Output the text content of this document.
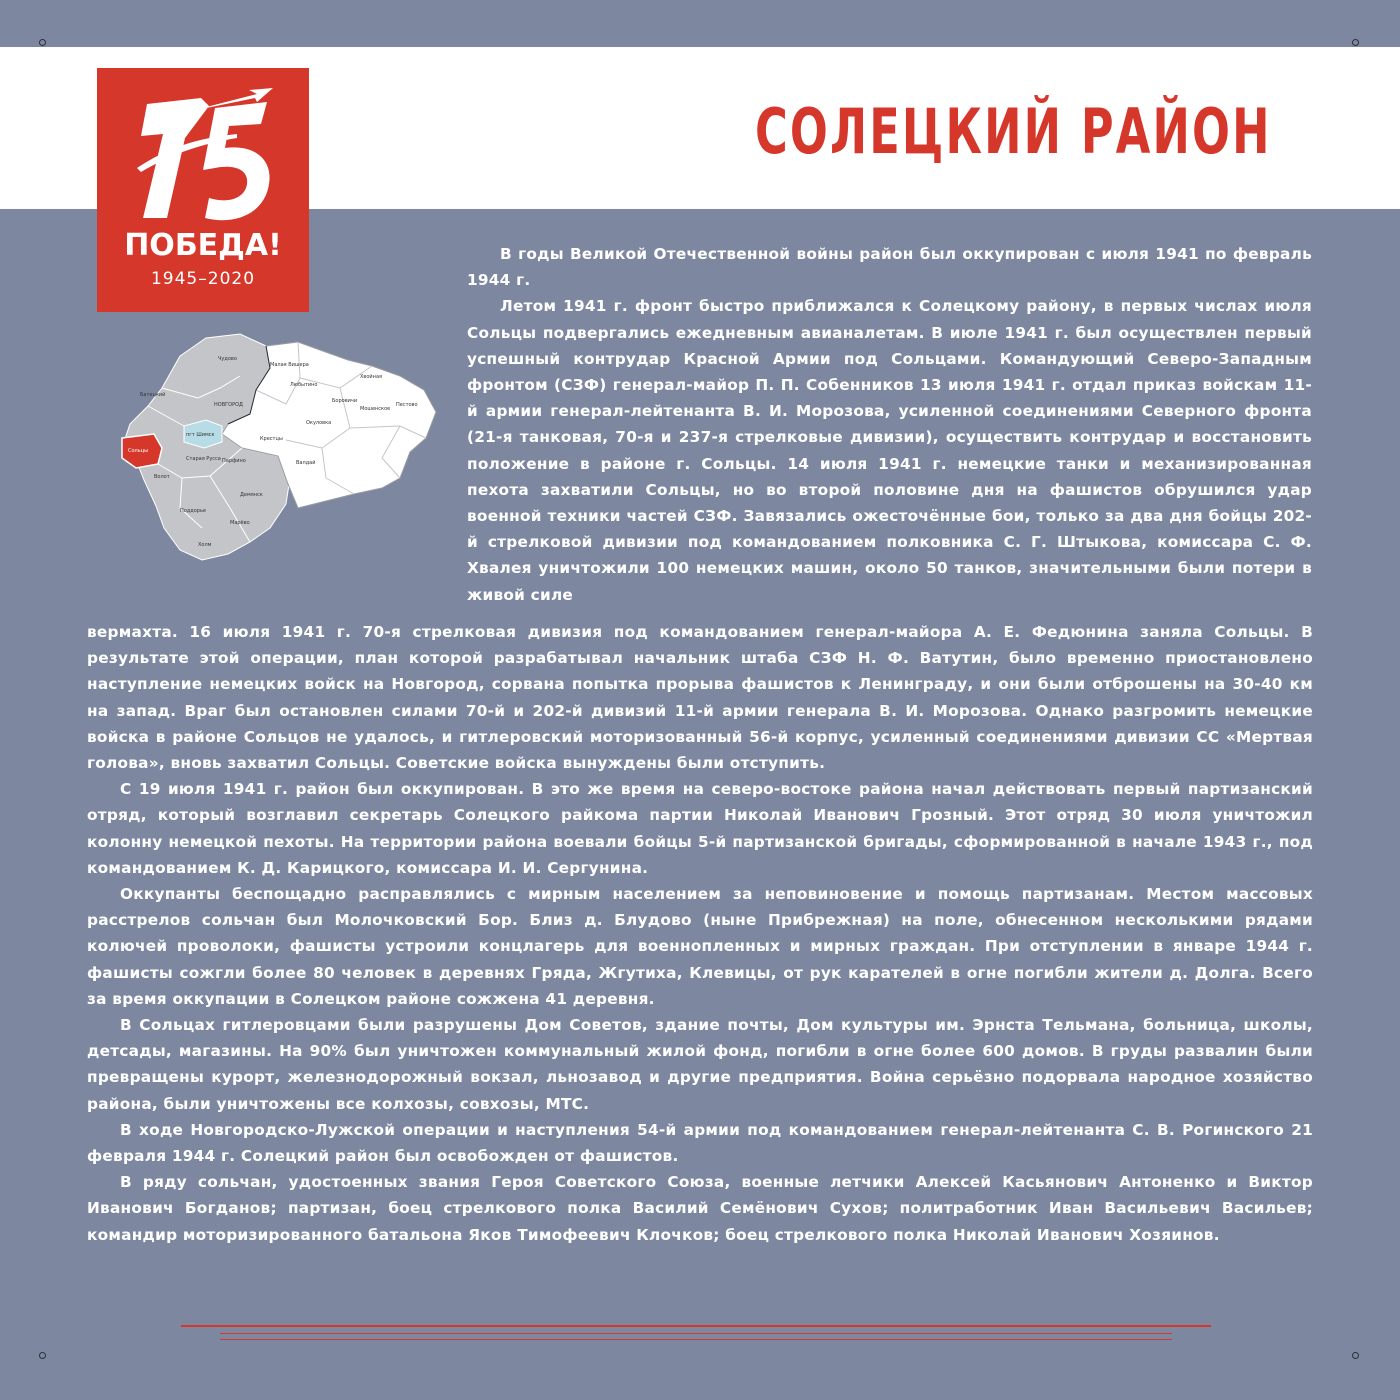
СОЛЕЦКИЙ РАЙОН
ПОБЕДА!
1945–2020
Чудово
Малая Вишера
Любытино
Хвойная
Пестово
Мошенское
Боровичи
Окуловка
Крестцы
Валдай
НОВГОРОД
Батецкий
пгт Шимск
Сольцы
Старая Русса
Волот
Парфино
Поддорье
Марёво
Демянск
Холм

В годы Великой Отечественной войны район был оккупирован с июля 1941 по февраль 1944 г.

Летом 1941 г. фронт быстро приближался к Солецкому району, в первых числах июля Сольцы подвергались ежедневным авианалетам. В июле 1941 г. был осуществлен первый успешный контрудар Красной Армии под Сольцами. Командующий Северо-Западным фронтом (СЗФ) генерал-майор П. П. Собенников 13 июля 1941 г. отдал приказ войскам 11-й армии генерал-лейтенанта В. И. Морозова, усиленной соединениями Северного фронта (21-я танковая, 70-я и 237-я стрелковые дивизии), осуществить контрудар и восстановить положение в районе г. Сольцы. 14 июля 1941 г. немецкие танки и механизированная пехота захватили Сольцы, но во второй половине дня на фашистов обрушился удар военной техники частей СЗФ. Завязались ожесточённые бои, только за два дня бойцы 202-й стрелковой дивизии под командованием полковника С. Г. Штыкова, комиссара С. Ф. Хвалея уничтожили 100 немецких машин, около 50 танков, значительными были потери в живой силе

вермахта. 16 июля 1941 г. 70-я стрелковая дивизия под командованием генерал-майора А. Е. Федюнина заняла Сольцы. В результате этой операции, план которой разрабатывал начальник штаба СЗФ Н. Ф. Ватутин, было временно приостановлено наступление немецких войск на Новгород, сорвана попытка прорыва фашистов к Ленинграду, и они были отброшены на 30-40 км на запад. Враг был остановлен силами 70-й и 202-й дивизий 11-й армии генерала В. И. Морозова. Однако разгромить немецкие войска в районе Сольцов не удалось, и гитлеровский моторизованный 56-й корпус, усиленный соединениями дивизии СС «Мертвая голова», вновь захватил Сольцы. Советские войска вынуждены были отступить.

С 19 июля 1941 г. район был оккупирован. В это же время на северо-востоке района начал действовать первый партизанский отряд, который возглавил секретарь Солецкого райкома партии Николай Иванович Грозный. Этот отряд 30 июля уничтожил колонну немецкой пехоты. На территории района воевали бойцы 5-й партизанской бригады, сформированной в начале 1943 г., под командованием К. Д. Карицкого, комиссара И. И. Сергунина.

Оккупанты беспощадно расправлялись с мирным населением за неповиновение и помощь партизанам. Местом массовых расстрелов сольчан был Молочковский Бор. Близ д. Блудово (ныне Прибрежная) на поле, обнесенном несколькими рядами колючей проволоки, фашисты устроили концлагерь для военнопленных и мирных граждан. При отступлении в январе 1944 г. фашисты сожгли более 80 человек в деревнях Гряда, Жгутиха, Клевицы, от рук карателей в огне погибли жители д. Долга. Всего за время оккупации в Солецком районе сожжена 41 деревня.

В Сольцах гитлеровцами были разрушены Дом Советов, здание почты, Дом культуры им. Эрнста Тельмана, больница, школы, детсады, магазины. На 90% был уничтожен коммунальный жилой фонд, погибли в огне более 600 домов. В груды развалин были превращены курорт, железнодорожный вокзал, льнозавод и другие предприятия. Война серьёзно подорвала народное хозяйство района, были уничтожены все колхозы, совхозы, МТС.

В ходе Новгородско-Лужской операции и наступления 54-й армии под командованием генерал-лейтенанта С. В. Рогинского 21 февраля 1944 г. Солецкий район был освобожден от фашистов.

В ряду сольчан, удостоенных звания Героя Советского Союза, военные летчики Алексей Касьянович Антоненко и Виктор Иванович Богданов; партизан, боец стрелкового полка Василий Семёнович Сухов; политработник Иван Васильевич Васильев; командир моторизированного батальона Яков Тимофеевич Клочков; боец стрелкового полка Николай Иванович Хозяинов.
